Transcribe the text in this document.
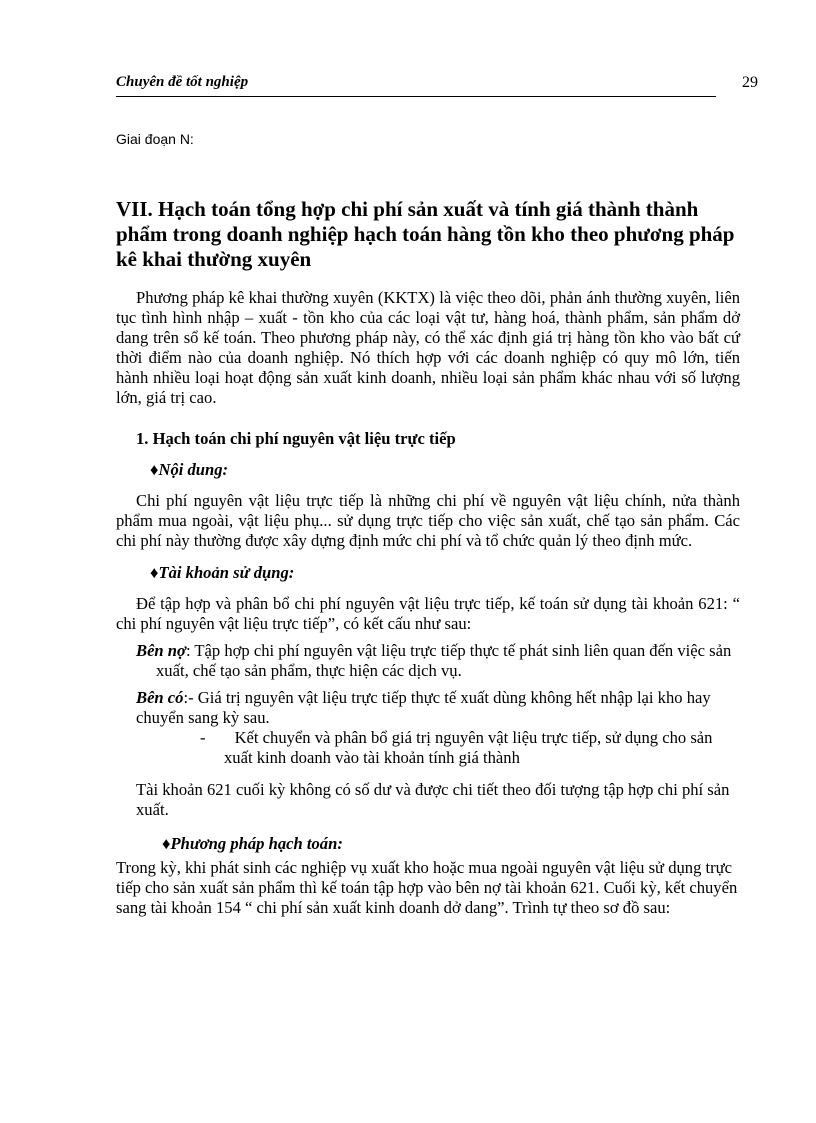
Chuyên đề tốt nghiệp	29
Giai đoạn N:
VII. Hạch toán tổng hợp chi phí sản xuất và tính giá thành thành phẩm trong doanh nghiệp hạch toán hàng tồn kho theo phương pháp kê khai thường xuyên

Phương pháp kê khai thường xuyên (KKTX) là việc theo dõi, phản ánh thường xuyên, liên tục tình hình nhập – xuất - tồn kho của các loại vật tư, hàng hoá, thành phẩm, sản phẩm dở dang trên sổ kế toán. Theo phương pháp này, có thể xác định giá trị hàng tồn kho vào bất cứ thời điểm nào của doanh nghiệp. Nó thích hợp với các doanh nghiệp có quy mô lớn, tiến hành nhiều loại hoạt động sản xuất kinh doanh, nhiều loại sản phẩm khác nhau với số lượng lớn, giá trị cao.

1. Hạch toán chi phí nguyên vật liệu trực tiếp
♦Nội dung:

Chi phí nguyên vật liệu trực tiếp là những chi phí về nguyên vật liệu chính, nửa thành phẩm mua ngoài, vật liệu phụ... sử dụng trực tiếp cho việc sản xuất, chế tạo sản phẩm. Các chi phí này thường được xây dựng định mức chi phí và tổ chức quản lý theo định mức.

♦Tài khoản sử dụng:

Để tập hợp và phân bổ chi phí nguyên vật liệu trực tiếp, kế toán sử dụng tài khoản 621: “ chi phí nguyên vật liệu trực tiếp”, có kết cấu như sau:

Bên nợ: Tập hợp chi phí nguyên vật liệu trực tiếp thực tế phát sinh liên quan đến việc sản xuất, chế tạo sản phẩm, thực hiện các dịch vụ.

Bên có:- Giá trị nguyên vật liệu trực tiếp thực tế xuất dùng không hết nhập lại kho hay chuyển sang kỳ sau.

-       Kết chuyển và phân bổ giá trị nguyên vật liệu trực tiếp, sử dụng cho sản xuất kinh doanh vào tài khoản tính giá thành

Tài khoản 621 cuối kỳ không có số dư và được chi tiết theo đối tượng tập hợp chi phí sản xuất.

♦Phương pháp hạch toán:

Trong kỳ, khi phát sinh các nghiệp vụ xuất kho hoặc mua ngoài nguyên vật liệu sử dụng trực tiếp cho sản xuất sản phẩm thì kế toán tập hợp vào bên nợ tài khoản 621. Cuối kỳ, kết chuyển sang tài khoản 154 “ chi phí sản xuất kinh doanh dở dang”. Trình tự theo sơ đồ sau:
